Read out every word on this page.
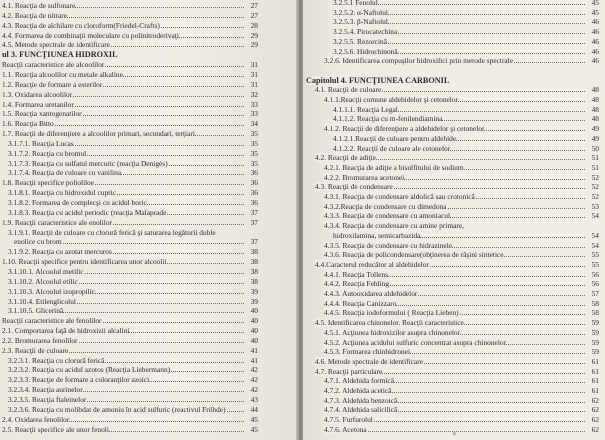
4.1. Reacţia de sulfonare	27
4.2. Reacţia de nitrare	27
4.3. Reacţia de alchilare cu cloroform(Friedel-Crafts)	28
4.4. Formarea de combinaţii moleculare cu polinitroderivaţi	29
4.5. Metode spectrale de identificare	29
ul 3. FUNCŢIUNEA HIDROXIL
Reacţii caracteristice ale alcoolilor	31
1.1. Reacţia alcoolilor cu metale alkaline	31
1.2. Reacţie de formare a esterilor	31
1.3. Oxidarea alcoolilor	32
1.4. Formarea uretanilor	33
1.5. Reacţia xantogenatilor	33
1.6. Reacţia Bitto	34
1.7. Reacţii de diferenţiere a alcoolilor primari, secundari, terţiari	35
3.1.7.1. Reacţia Lucas	35
3.1.7.2. Reacţia cu bromul	35
3.1.7.3. Reacţia cu sulfatul mercuric (reacţia Denigès)	35
3.1.7.4. Reacţia de culoare cu vanilina	36
1.8. Reacţii specifice polioliloe	36
3.1.8.1. Reacţia cu hidroxidul cupric	36
3.1.8.2. Formarea de complecşi cu acidul boric	36
3.1.8.3. Reacţia cu acidul periodic (reacţia Malaprade	37
1.9. Reacţii caracteristice ale enolilor	37
3.1.9.1. Reacţii de culoare cu clorură ferică şi saturarea legăturii duble
enolice cu brom	37
3.1.9.2. Reacţia cu azotat mercuros	38
1.10. Reacţii specifice pentru identificarea unor alcoolii	38
3.1.10.1. Alcoolul metilic	38
3.1.10.2. Alcoolul etilic	38
3.1.10.3. Alcoolul izopropilic	39
3.1.10.4. Etilenglicolul	39
3.1.10.5. Glicerină	40
Reacţii caracteristice ale fenolilor	40
2.1. Comportarea faţă de hidroxizii alcalini	40
2.2. Bromurarea fenolilor	40
2.3. Reacţii de culoare	41
3.2.3.1. Reacţia cu clorură ferică	41
3.2.3.2. Reacţia cu acidul azotos (Reacţia Liebermann)	42
3.2.3.3. Reacţie de formare a coloranţilor azoici	42
3.2.3.4. Reacţia aurinelor	42
3.2.3.5. Reacţia ftaleinelor	43
3.2.3.6. Reacţia cu molibdat de amoniu în acid sulfuric (reactivul Fröhde)	44
2.4. Oxidarea fenolilor	45
2.5. Reacţii specifice ale unor fenoli	45
3.2.5.1 Fenolul	45
3.2.5.2. α-Naftolul	45
3.2.5.3. β-Naftolul	46
3.2.5.4. Pirocatechina	46
3.2.5.5. Rezorcină	46
3.2.5.6. Hidrochinonă	46
3.2.6. Identificarea compuşilor hidroxilici prin metode spectrale	46
Capitolul 4. FUNCŢIUNEA CARBONIL
4.1. Reacţii de culoare	48
4.1.1.Reacţii comune aldehidelor şi cetonelor	48
4.1.1.1. Reacţia Legal	48
4.1.1.2. Reacţia cu m-fenilendiamina	48
4.1.2. Reacţii de diferenţiere a aldehidelor şi cetonelor	49
4.1.2.1.Reacţii de culoare pentru aldehide	49
4.1.2.2. Reacţii de culoare ale cetonelor	50
4.2. Reacţii de adiţie	51
4.2.1. Reacţia de adiţie a bisulfitului de sodium	51
4.2.2. Bromurarea acetonei	52
4.3. Reacţii de condensare	52
4.3.1. Reacţia de condensare aldolică sau crotonică	52
4.3.2.Reacţia de condensare cu dimedona	53
4.3.3. Reacţia de condensare cu amoniacul	54
4.3.4. Reacţia de condensare cu amine primare,
hidroxilamina, semicarbazida	54
4.3.5. Reacţia de condensare cu hidrazinele	54
4.3.6. Reacţia de policondensare(obţinerea de răşini sintetice	55
4.4.Caracterul reducător al aldehidelor	55
4.4.1. Reacţia Tollens	56
4.4.2. Reacţia Fehling	56
4.4.3. Autooxidarea aldehidelor	57
4.4.4. Reacţia Canizzaro	58
4.4.5. Reacţia iodoformului ( Reacţia Lieben)	58
4.5. Identificarea chinonelor. Reacţii caracteristice	59
4.5.1. Acţiunea hidroxizilor asupra chinonelor	59
4.5.2. Acţiunea acidului sulfuric concentrat asupra chinonelor	59
4.5.3. Formarea chinhidronei	59
4.6. Metode spectrale de identificare	61
4.7. Reacţii particulare	61
4.7.1. Aldehida formică	61
4.7.2. Aldehida acetică	61
4.7.3. Aldehida benzoică	62
4.7.4. Aldehida salicilică	62
4.7.5. Furfurolul	62
4.7.6. Acetona	62
a
